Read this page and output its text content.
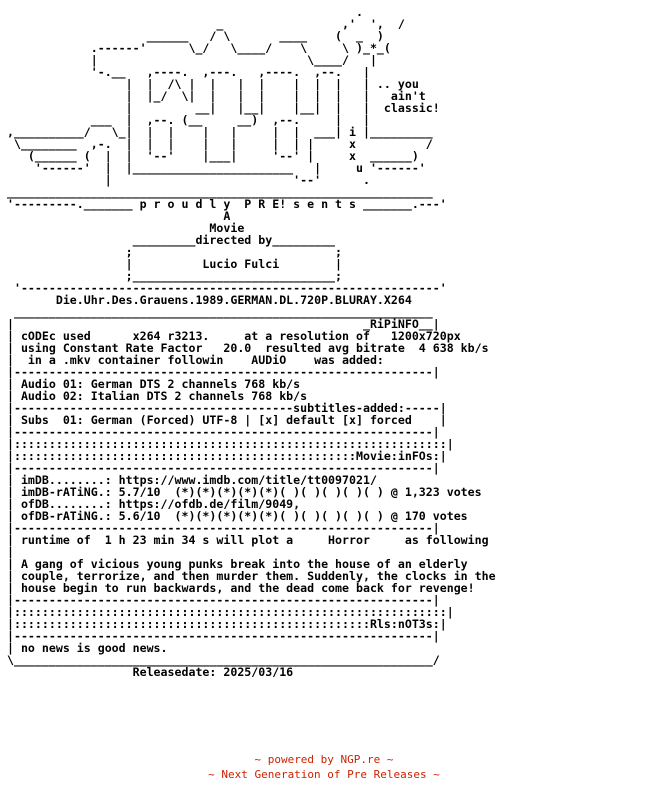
.
_                 ,'  ',  /
______   / \       ____    (  _  )
.------'      \_/   \____/    \     \ )_*_(
|                              \____/   |
'-.__   ,----.  ,---.   ,----.  ,--.   |
|  |  /\ |  |   |  |    |  |  |   | .. you
|  |_/  \|  |   |  |    |  |  |   |   ain't
|         __|   |__|    |__|  |   |  classic!
___  |  ,--. (__     __)  ,--.     |   |
,__________/   \_|  |  |    |   |     |  |  ___| i |_________
\________  ,-.  |  |  |    |   |     |  | |     x          /
(______ (  |  |  '--'    |___|     '--' |     x  ______)
'------'  |  |_______________________   |     u '------'
|                          '--'      .
_____________________________________________________________
'---------._______ p r o u d l y  P R E! s e n t s _______.---'
A
Movie
_________directed by_________
;                             ;
|          Lucio Fulci        |
;_____________________________;
'------------------------------------------------------------'
Die.Uhr.Des.Grauens.1989.GERMAN.DL.720P.BLURAY.X264
____________________________________________________________
|                                                  _RiPiNFO__|
| cODEc used      x264 r3213.     at a resolution of   1200x720px
| using Constant Rate Factor   20.0  resulted avg bitrate  4 638 kb/s
|  in a .mkv container followin    AUDiO    was added:
|------------------------------------------------------------|
| Audio 01: German DTS 2 channels 768 kb/s
| Audio 02: Italian DTS 2 channels 768 kb/s
|----------------------------------------subtitles-added:-----|
| Subs  01: German (Forced) UTF-8 | [x] default [x] forced    |
|------------------------------------------------------------|
|::::::::::::::::::::::::::::::::::::::::::::::::::::::::::::::|
|:::::::::::::::::::::::::::::::::::::::::::::::::Movie:inFOs:|
|------------------------------------------------------------|
| imDB........: https://www.imdb.com/title/tt0097021/
| imDB-rATiNG.: 5.7/10  (*)(*)(*)(*)(*)( )( )( )( )( ) @ 1,323 votes
| ofDB........: https://ofdb.de/film/9049,
| ofDB-rATiNG.: 5.6/10  (*)(*)(*)(*)(*)( )( )( )( )( ) @ 170 votes
|------------------------------------------------------------|
| runtime of  1 h 23 min 34 s will plot a     Horror     as following
|
| A gang of vicious young punks break into the house of an elderly
| couple, terrorize, and then murder them. Suddenly, the clocks in the
| house begin to run backwards, and the dead come back for revenge!
|------------------------------------------------------------|
|::::::::::::::::::::::::::::::::::::::::::::::::::::::::::::::|
|:::::::::::::::::::::::::::::::::::::::::::::::::::Rls:nOT3s:|
|------------------------------------------------------------|
| no news is good news.
\____________________________________________________________/
Releasedate: 2025/03/16
~ powered by NGP.re ~
~ Next Generation of Pre Releases ~
